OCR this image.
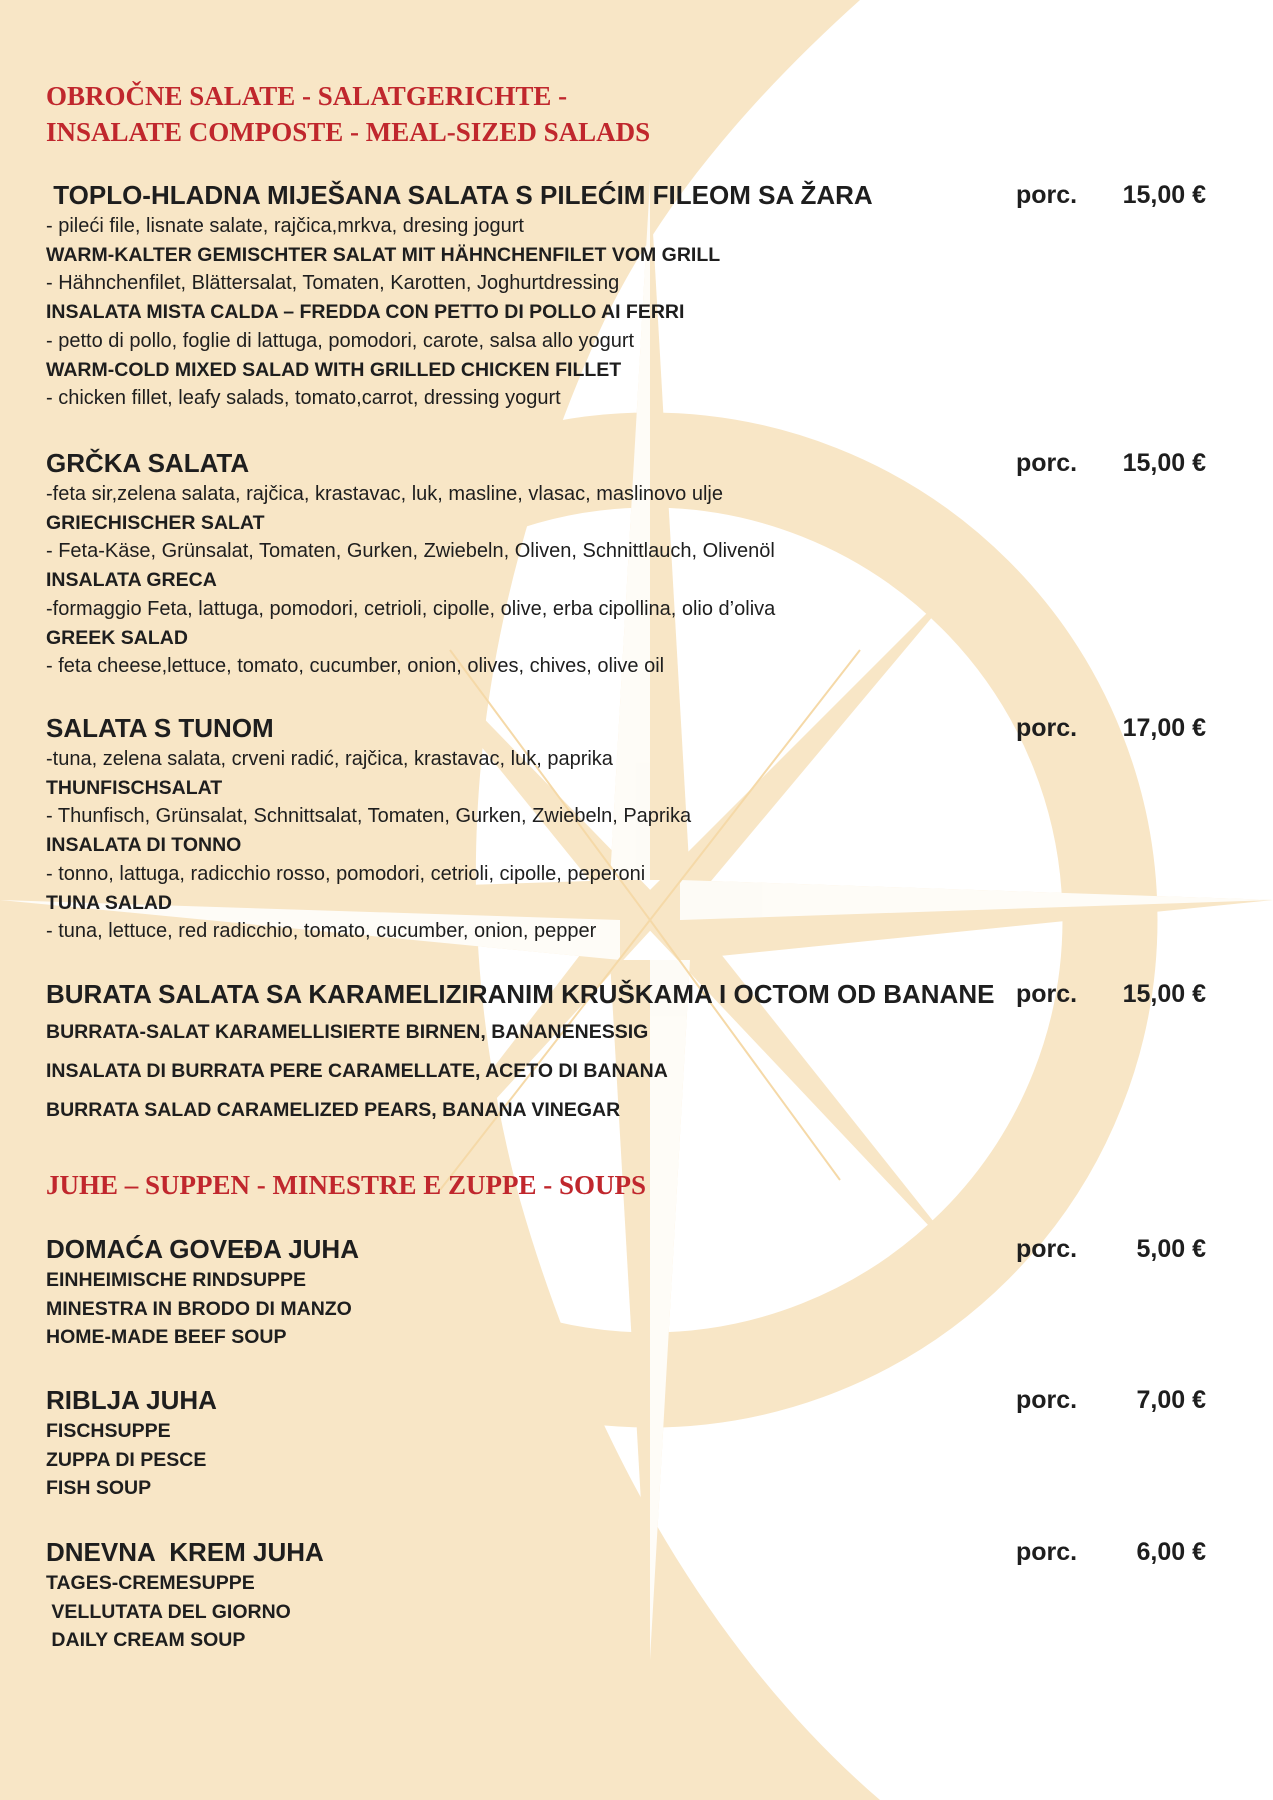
OBROČNE SALATE - SALATGERICHTE -
INSALATE COMPOSTE - MEAL-SIZED SALADS
TOPLO-HLADNA MIJEŠANA SALATA S PILEĆIM FILEOM SA ŽARA	porc. 15,00 €
- pileći file, lisnate salate, rajčica,mrkva, dresing jogurt
WARM-KALTER GEMISCHTER SALAT MIT HÄHNCHENFILET VOM GRILL
- Hähnchenfilet, Blättersalat, Tomaten, Karotten, Joghurtdressing
INSALATA MISTA CALDA – FREDDA CON PETTO DI POLLO AI FERRI
- petto di pollo, foglie di lattuga, pomodori, carote, salsa allo yogurt
WARM-COLD MIXED SALAD WITH GRILLED CHICKEN FILLET
- chicken fillet, leafy salads, tomato,carrot, dressing yogurt
GRČKA SALATA	porc. 15,00 €
-feta sir,zelena salata, rajčica, krastavac, luk, masline, vlasac, maslinovo ulje
GRIECHISCHER SALAT
- Feta-Käse, Grünsalat, Tomaten, Gurken, Zwiebeln, Oliven, Schnittlauch, Olivenöl
INSALATA GRECA
-formaggio Feta, lattuga, pomodori, cetrioli, cipolle, olive, erba cipollina, olio d’oliva
GREEK SALAD
- feta cheese,lettuce, tomato, cucumber, onion, olives, chives, olive oil
SALATA S TUNOM	porc. 17,00 €
-tuna, zelena salata, crveni radić, rajčica, krastavac, luk, paprika
THUNFISCHSALAT
- Thunfisch, Grünsalat, Schnittsalat, Tomaten, Gurken, Zwiebeln, Paprika
INSALATA DI TONNO
- tonno, lattuga, radicchio rosso, pomodori, cetrioli, cipolle, peperoni
TUNA SALAD
- tuna, lettuce, red radicchio, tomato, cucumber, onion, pepper
BURATA SALATA SA KARAMELIZIRANIM KRUŠKAMA I OCTOM OD BANANE porc. 15,00 €
BURRATA-SALAT KARAMELLISIERTE BIRNEN, BANANENESSIG
INSALATA DI BURRATA PERE CARAMELLATE, ACETO DI BANANA
BURRATA SALAD CARAMELIZED PEARS, BANANA VINEGAR
JUHE – SUPPEN - MINESTRE E ZUPPE - SOUPS
DOMAĆA GOVEĐA JUHA	porc. 5,00 €
EINHEIMISCHE RINDSUPPE
MINESTRA IN BRODO DI MANZO
HOME-MADE BEEF SOUP
RIBLJA JUHA	porc. 7,00 €
FISCHSUPPE
ZUPPA DI PESCE
FISH SOUP
DNEVNA  KREM JUHA	porc. 6,00 €
TAGES-CREMESUPPE
VELLUTATA DEL GIORNO
DAILY CREAM SOUP
